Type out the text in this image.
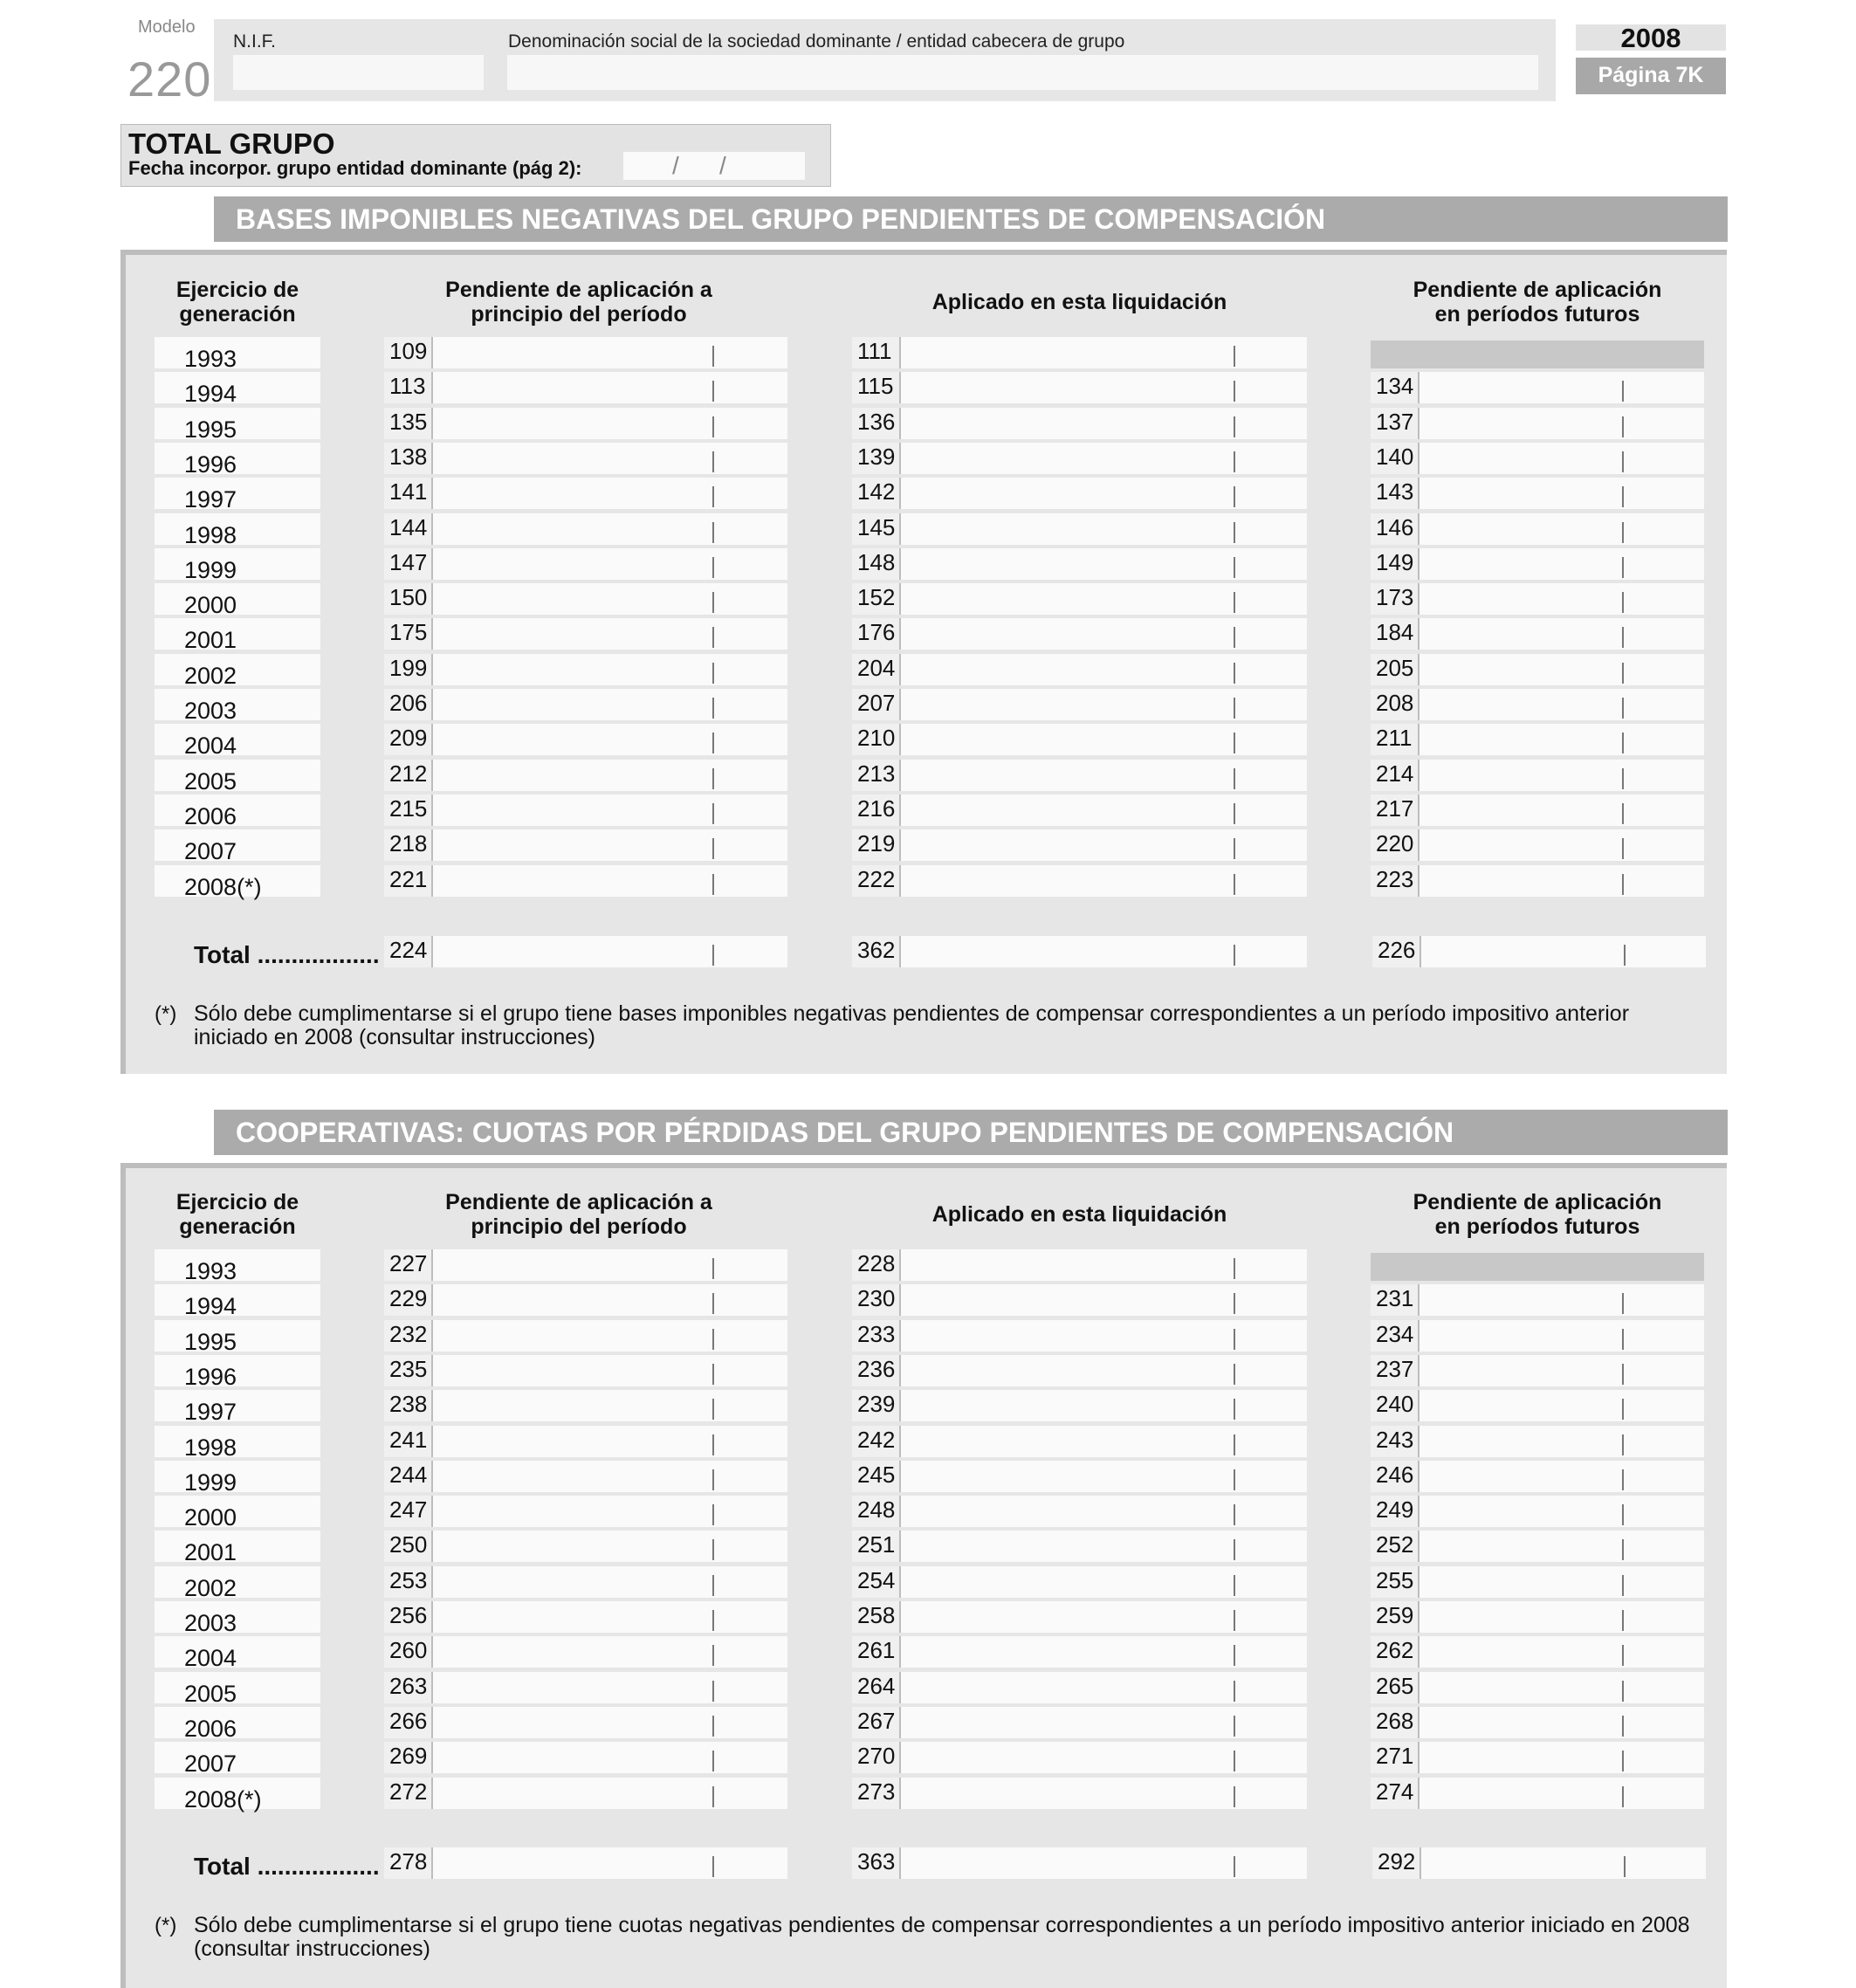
Modelo
220
N.I.F.	Denominación social de la sociedad dominante / entidad cabecera de grupo	2008
Página 7K
TOTAL GRUPO
Fecha incorpor. grupo entidad dominante (pág 2):	/ /
BASES IMPONIBLES NEGATIVAS DEL GRUPO PENDIENTES DE COMPENSACIÓN
Ejercicio de
generación
Pendiente de aplicación a
principio del período	Aplicado en esta liquidación	Pendiente de aplicación
en períodos futuros
1993	109	111
1994	113	115	134
1995	135	136	137
1996	138	139	140
1997	141	142	143
1998	144	145	146
1999	147	148	149
2000	150	152	173
2001	175	176	184
2002	199	204	205
2003	206	207	208
2004	209	210	211
2005	212	213	214
2006	215	216	217
2007	218	219	220
2008(*)	221	222	223
Total .................. 224	362	226
(*) Sólo debe cumplimentarse si el grupo tiene bases imponibles negativas pendientes de compensar correspondientes a un período impositivo anterior iniciado en 2008 (consultar instrucciones)
COOPERATIVAS: CUOTAS POR PÉRDIDAS DEL GRUPO PENDIENTES DE COMPENSACIÓN
Ejercicio de
generación
Pendiente de aplicación a
principio del período	Aplicado en esta liquidación	Pendiente de aplicación
en períodos futuros
1993	227	228
1994	229	230	231
1995	232	233	234
1996	235	236	237
1997	238	239	240
1998	241	242	243
1999	244	245	246
2000	247	248	249
2001	250	251	252
2002	253	254	255
2003	256	258	259
2004	260	261	262
2005	263	264	265
2006	266	267	268
2007	269	270	271
2008(*)	272	273	274
Total .................. 278	363	292
(*) Sólo debe cumplimentarse si el grupo tiene cuotas negativas pendientes de compensar correspondientes a un período impositivo anterior iniciado en 2008 (consultar instrucciones)
